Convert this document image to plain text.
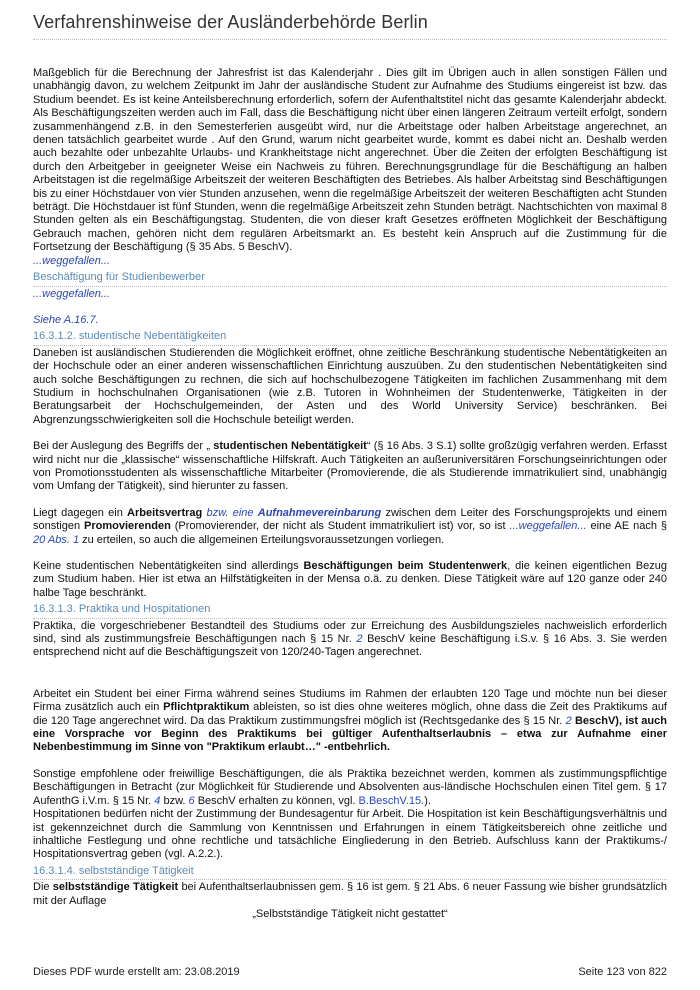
Verfahrenshinweise der Ausländerbehörde Berlin

Maßgeblich für die Berechnung der Jahresfrist ist das Kalenderjahr . Dies gilt im Übrigen auch in allen sonstigen Fällen und unabhängig davon, zu welchem Zeitpunkt im Jahr der ausländische Student zur Aufnahme des Studiums eingereist ist bzw. das Studium beendet. Es ist keine Anteilsberechnung erforderlich, sofern der Aufenthaltstitel nicht das gesamte Kalenderjahr abdeckt. Als Beschäftigungszeiten werden auch im Fall, dass die Beschäftigung nicht über einen längeren Zeitraum verteilt erfolgt, sondern zusammenhängend z.B. in den Semesterferien ausgeübt wird, nur die Arbeitstage oder halben Arbeitstage angerechnet, an denen tatsächlich gearbeitet wurde . Auf den Grund, warum nicht gearbeitet wurde, kommt es dabei nicht an. Deshalb werden auch bezahlte oder unbezahlte Urlaubs- und Krankheitstage nicht angerechnet. Über die Zeiten der erfolgten Beschäftigung ist durch den Arbeitgeber in geeigneter Weise ein Nachweis zu führen. Berechnungsgrundlage für die Beschäftigung an halben Arbeitstagen ist die regelmäßige Arbeitszeit der weiteren Beschäftigten des Betriebes. Als halber Arbeitstag sind Beschäftigungen bis zu einer Höchstdauer von vier Stunden anzusehen, wenn die regelmäßige Arbeitszeit der weiteren Beschäftigten acht Stunden beträgt. Die Höchstdauer ist fünf Stunden, wenn die regelmäßige Arbeitszeit zehn Stunden beträgt. Nachtschichten von maximal 8 Stunden gelten als ein Beschäftigungstag. Studenten, die von dieser kraft Gesetzes eröffneten Möglichkeit der Beschäftigung Gebrauch machen, gehören nicht dem regulären Arbeitsmarkt an. Es besteht kein Anspruch auf die Zustimmung für die Fortsetzung der Beschäftigung (§ 35 Abs. 5 BeschV).

...weggefallen...
Beschäftigung für Studienbewerber
...weggefallen...
Siehe A.16.7.
16.3.1.2. studentische Nebentätigkeiten

Daneben ist ausländischen Studierenden die Möglichkeit eröffnet, ohne zeitliche Beschränkung studentische Nebentätigkeiten an der Hochschule oder an einer anderen wissenschaftlichen Einrichtung auszuüben. Zu den studentischen Nebentätigkeiten sind auch solche Beschäftigungen zu rechnen, die sich auf hochschulbezogene Tätigkeiten im fachlichen Zusammenhang mit dem Studium in hochschulnahen Organisationen (wie z.B. Tutoren in Wohnheimen der Studentenwerke, Tätigkeiten in der Beratungsarbeit der Hochschulgemeinden, der Asten und des World University Service) beschränken. Bei Abgrenzungsschwierigkeiten soll die Hochschule beteiligt werden.

Bei der Auslegung des Begriffs der „ studentischen Nebentätigkeit“ (§ 16 Abs. 3 S.1) sollte großzügig verfahren werden. Erfasst wird nicht nur die „klassische“ wissenschaftliche Hilfskraft. Auch Tätigkeiten an außeruniversitären Forschungseinrichtungen oder von Promotionsstudenten als wissenschaftliche Mitarbeiter (Promovierende, die als Studierende immatrikuliert sind, unabhängig vom Umfang der Tätigkeit), sind hierunter zu fassen.

Liegt dagegen ein Arbeitsvertrag bzw. eine Aufnahmevereinbarung zwischen dem Leiter des Forschungsprojekts und einem sonstigen Promovierenden (Promovierender, der nicht als Student immatrikuliert ist) vor, so ist ...weggefallen... eine AE nach § 20 Abs. 1 zu erteilen, so auch die allgemeinen Erteilungsvoraussetzungen vorliegen.

Keine studentischen Nebentätigkeiten sind allerdings Beschäftigungen beim Studentenwerk, die keinen eigentlichen Bezug zum Studium haben. Hier ist etwa an Hilfstätigkeiten in der Mensa o.ä. zu denken. Diese Tätigkeit wäre auf 120 ganze oder 240 halbe Tage beschränkt.

16.3.1.3. Praktika und Hospitationen

Praktika, die vorgeschriebener Bestandteil des Studiums oder zur Erreichung des Ausbildungszieles nachweislich erforderlich sind, sind als zustimmungsfreie Beschäftigungen nach § 15 Nr. 2 BeschV keine Beschäftigung i.S.v. § 16 Abs. 3. Sie werden entsprechend nicht auf die Beschäftigungszeit von 120/240-Tagen angerechnet.

Arbeitet ein Student bei einer Firma während seines Studiums im Rahmen der erlaubten 120 Tage und möchte nun bei dieser Firma zusätzlich auch ein Pflichtpraktikum ableisten, so ist dies ohne weiteres möglich, ohne dass die Zeit des Praktikums auf die 120 Tage angerechnet wird. Da das Praktikum zustimmungsfrei möglich ist (Rechtsgedanke des § 15 Nr. 2 BeschV), ist auch eine Vorsprache vor Beginn des Praktikums bei gültiger Aufenthaltserlaubnis – etwa zur Aufnahme einer Nebenbestimmung im Sinne von "Praktikum erlaubt…" -entbehrlich.

Sonstige empfohlene oder freiwillige Beschäftigungen, die als Praktika bezeichnet werden, kommen als zustimmungspflichtige Beschäftigungen in Betracht (zur Möglichkeit für Studierende und Absolventen aus-ländische Hochschulen einen Titel gem. § 17 AufenthG i.V.m. § 15 Nr. 4 bzw. 6 BeschV erhalten zu können, vgl. B.BeschV.15.).

Hospitationen bedürfen nicht der Zustimmung der Bundesagentur für Arbeit. Die Hospitation ist kein Beschäftigungsverhältnis und ist gekennzeichnet durch die Sammlung von Kenntnissen und Erfahrungen in einem Tätigkeitsbereich ohne zeitliche und inhaltliche Festlegung und ohne rechtliche und tatsächliche Eingliederung in den Betrieb. Aufschluss kann der Praktikums-/ Hospitationsvertrag geben (vgl. A.2.2.).

16.3.1.4. selbstständige Tätigkeit

Die selbstständige Tätigkeit bei Aufenthaltserlaubnissen gem. § 16 ist gem. § 21 Abs. 6 neuer Fassung wie bisher grundsätzlich mit der Auflage

„Selbstständige Tätigkeit nicht gestattet“
Dieses PDF wurde erstellt am: 23.08.2019	Seite 123 von 822
